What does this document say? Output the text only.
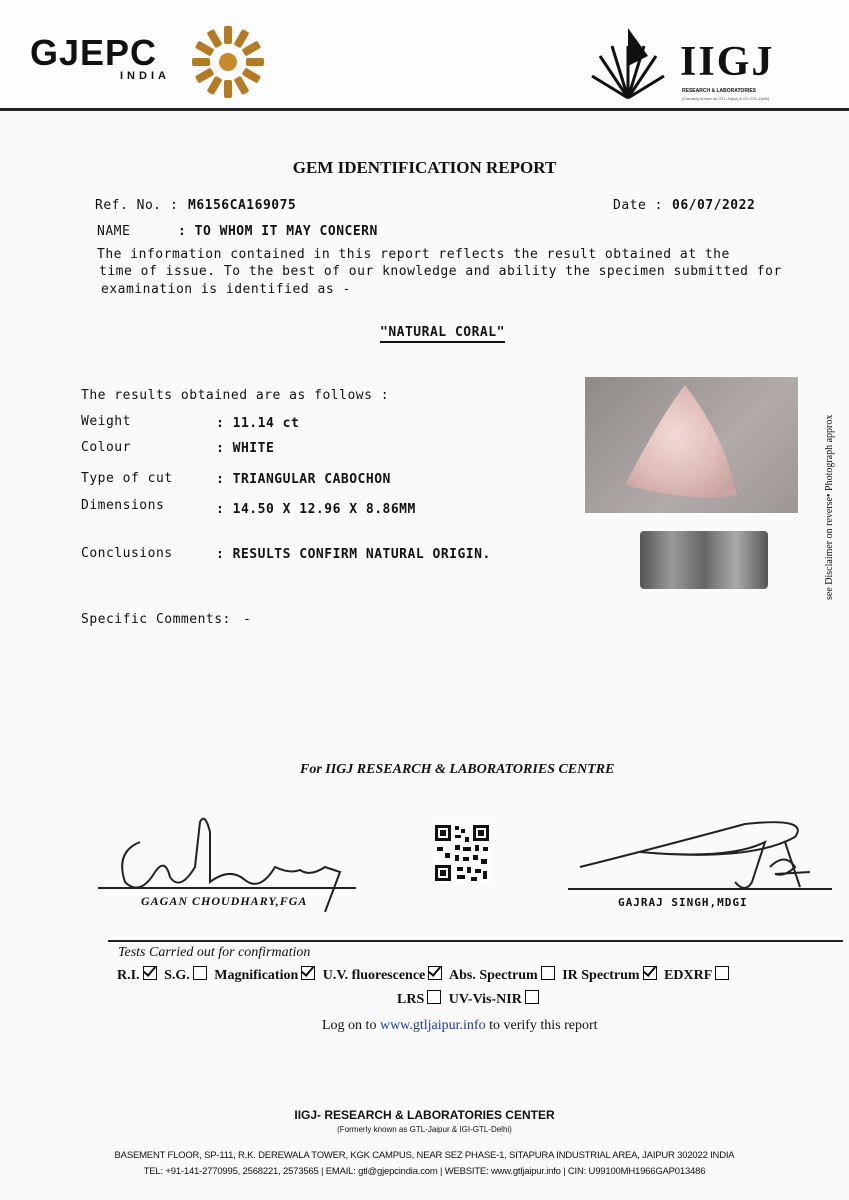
GJEPC
INDIA	IIGJ
RESEARCH & LABORATORIES
(Formerly known as GTL-Jaipur & IGI-GTL-Delhi)
GEM IDENTIFICATION REPORT
Ref. No. : M6156CA169075	Date : 06/07/2022
NAME	: TO WHOM IT MAY CONCERN
The information contained in this report reflects the result obtained at the
time of issue. To the best of our knowledge and ability the specimen submitted for
examination is identified as -
"NATURAL CORAL"
The results obtained are as follows :
Weight	: 11.14 ct
Colour	: WHITE
Type of cut	: TRIANGULAR CABOCHON
Dimensions	: 14.50 X 12.96 X 8.86MM
Conclusions	: RESULTS CONFIRM NATURAL ORIGIN.
Specific Comments: -
see Disclaimer on reverse• Photograph approx
For IIGJ RESEARCH & LABORATORIES CENTRE
GAGAN CHOUDHARY,FGA	GAJRAJ SINGH,MDGI
Tests Carried out for confirmation
R.I. S.G. Magnification U.V. fluorescence Abs. Spectrum IR Spectrum EDXRF
LRS UV-Vis-NIR
Log on to www.gtljaipur.info to verify this report
IIGJ- RESEARCH & LABORATORIES CENTER
(Formerly known as GTL-Jaipur & IGI-GTL-Delhi)
BASEMENT FLOOR, SP-111, R.K. DEREWALA TOWER, KGK CAMPUS, NEAR SEZ PHASE-1, SITAPURA INDUSTRIAL AREA, JAIPUR 302022 INDIA
TEL: +91-141-2770995, 2568221, 2573565 | EMAIL: gtl@gjepcindia.com | WEBSITE: www.gtljaipur.info | CIN: U99100MH1966GAP013486
